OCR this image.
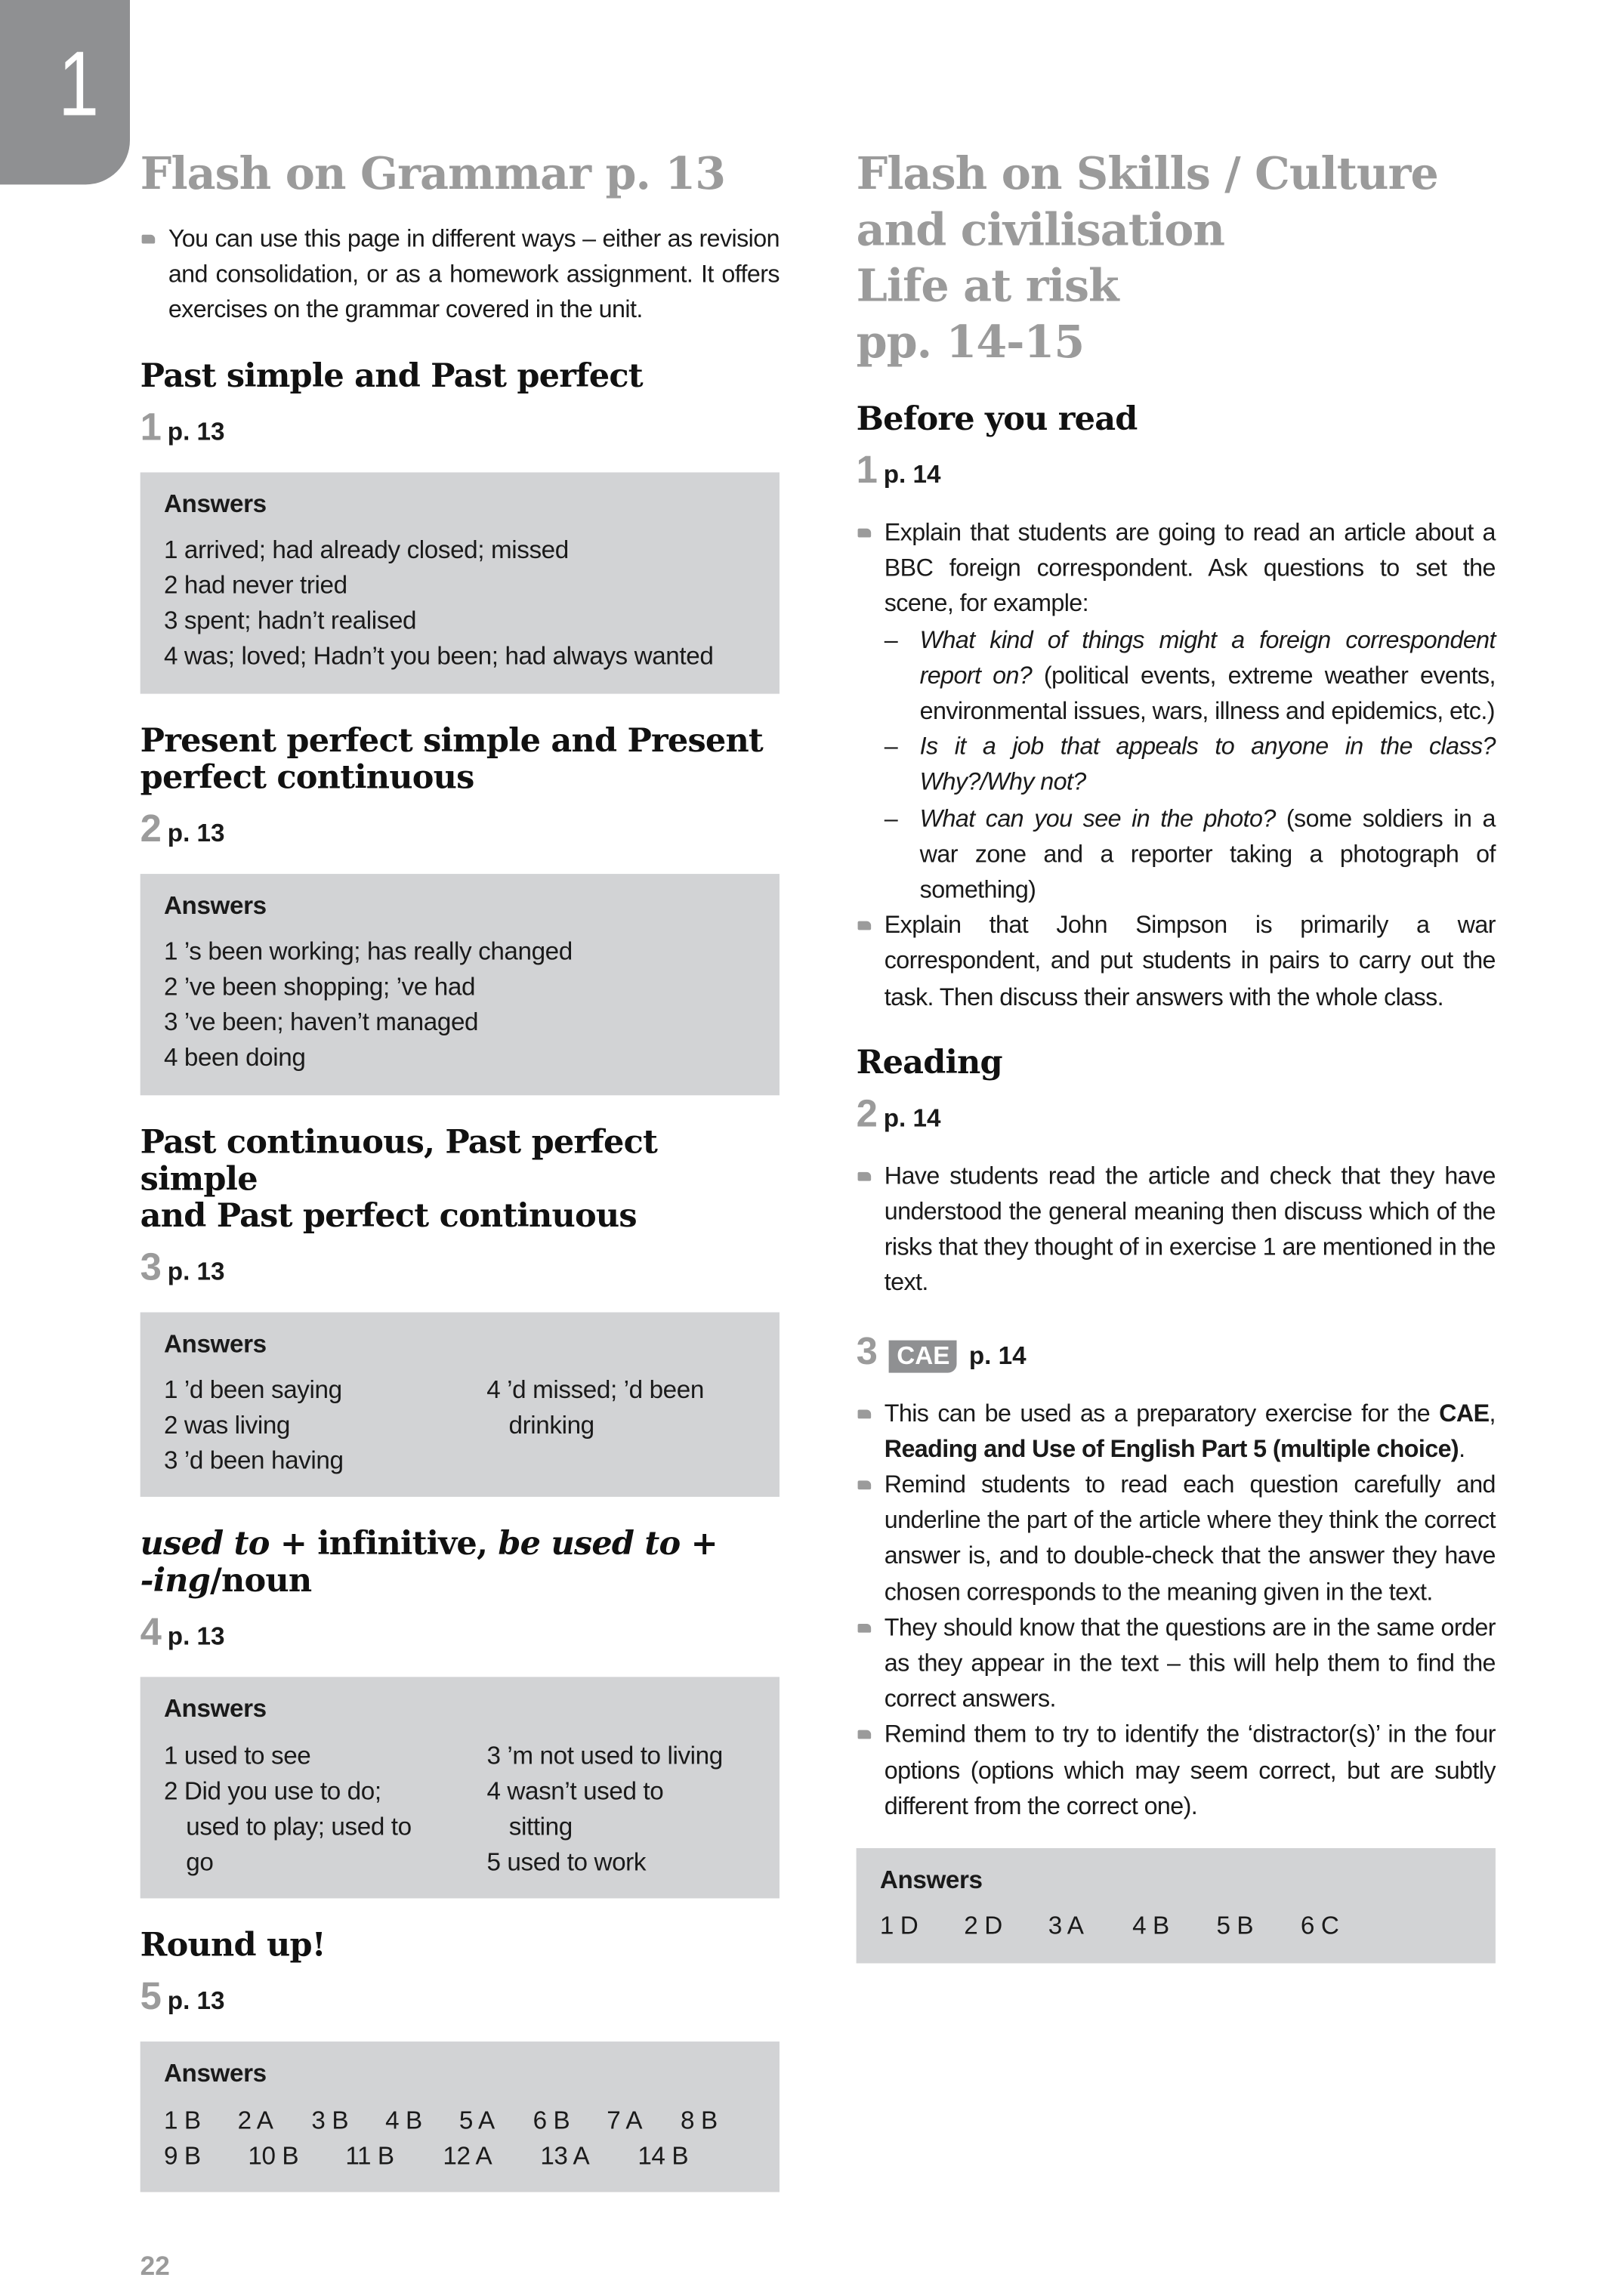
1
Flash on Grammar p. 13
You can use this page in different ways – either as revision and consolidation, or as a homework assignment. It offers exercises on the grammar covered in the unit.
Past simple and Past perfect
1 p. 13
Answers
1 arrived; had already closed; missed
2 had never tried
3 spent; hadn’t realised
4 was; loved; Hadn’t you been; had always wanted
Present perfect simple and Present
perfect continuous
2 p. 13
Answers
1 ’s been working; has really changed
2 ’ve been shopping; ’ve had
3 ’ve been; haven’t managed
4 been doing
Past continuous, Past perfect simple
and Past perfect continuous
3 p. 13
Answers
1 ’d been saying
2 was living
3 ’d been having
4 ’d missed; ’d been drinking
used to + infinitive, be used to +
-ing/noun
4 p. 13
Answers
1 used to see
2 Did you use to do; used to play; used to go
3 ’m not used to living
4 wasn’t used to sitting
5 used to work
Round up!
5 p. 13
Answers
1 B	2 A	3 B	4 B	5 A	6 B	7 A	8 B
9 B	10 B	11 B	12 A	13 A	14 B
22
Flash on Skills / Culture
and civilisation
Life at risk
pp. 14-15
Before you read
1 p. 14
Explain that students are going to read an article about a BBC foreign correspondent. Ask questions to set the scene, for example:
– What kind of things might a foreign correspondent report on? (political events, extreme weather events, environmental issues, wars, illness and epidemics, etc.)
– Is it a job that appeals to anyone in the class? Why?/Why not?
– What can you see in the photo? (some soldiers in a war zone and a reporter taking a photograph of something)
Explain that John Simpson is primarily a war correspondent, and put students in pairs to carry out the task. Then discuss their answers with the whole class.
Reading
2 p. 14
Have students read the article and check that they have understood the general meaning then discuss which of the risks that they thought of in exercise 1 are mentioned in the text.
3	CAE	p. 14
This can be used as a preparatory exercise for the CAE, Reading and Use of English Part 5 (multiple choice).
Remind students to read each question carefully and underline the part of the article where they think the correct answer is, and to double-check that the answer they have chosen corresponds to the meaning given in the text.
They should know that the questions are in the same order as they appear in the text – this will help them to find the correct answers.
Remind them to try to identify the ‘distractor(s)’ in the four options (options which may seem correct, but are subtly different from the correct one).
Answers
1 D	2 D	3 A	4 B	5 B	6 C
